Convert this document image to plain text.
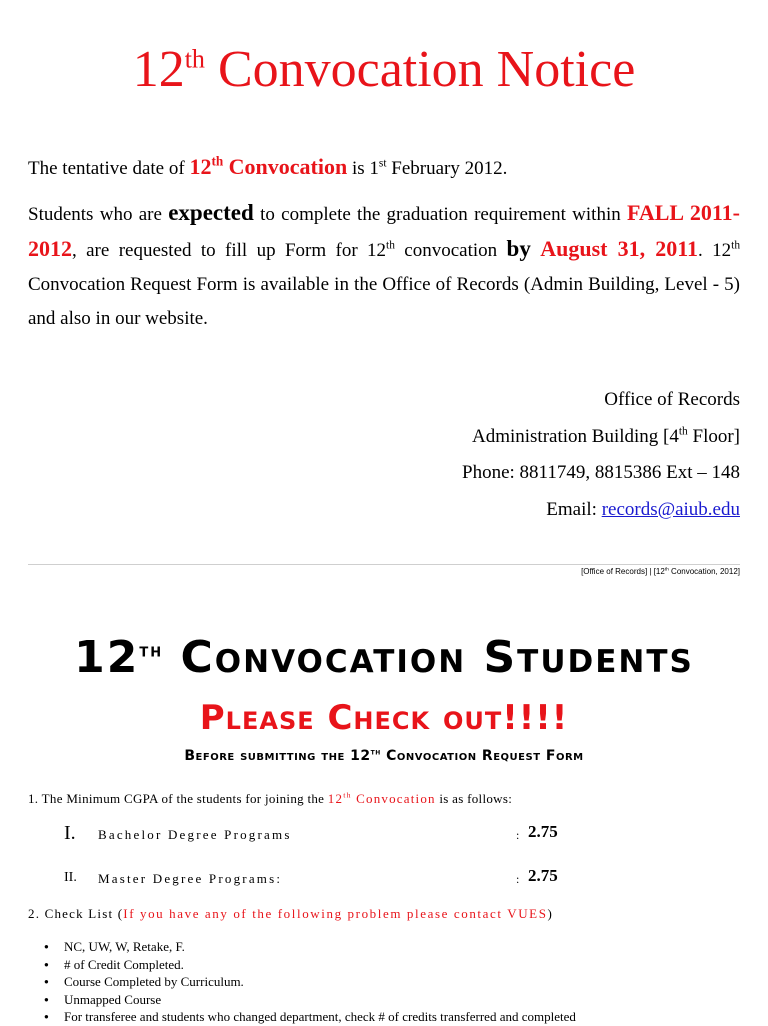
12th Convocation Notice

The tentative date of 12th Convocation is 1st February 2012.

Students who are expected to complete the graduation requirement within FALL 2011-2012, are requested to fill up Form for 12th convocation by August 31, 2011. 12th Convocation Request Form is available in the Office of Records (Admin Building, Level - 5) and also in our website.

Office of Records
Administration Building [4th Floor]
Phone: 8811749, 8815386 Ext – 148
Email: records@aiub.edu
[Office of Records] | [12th Convocation, 2012]
12th Convocation Students
Please Check out!!!!
Before submitting the 12th Convocation Request Form
1. The Minimum CGPA of the students for joining the 12th Convocation is as follows:
I. Bachelor Degree Programs	: 2.75
II. Master Degree Programs:	: 2.75
2. Check List (If you have any of the following problem please contact VUES)
● NC, UW, W, Retake, F.
● # of Credit Completed.
● Course Completed by Curriculum.
● Unmapped Course
● For transferee and students who changed department, check # of credits transferred and completed
